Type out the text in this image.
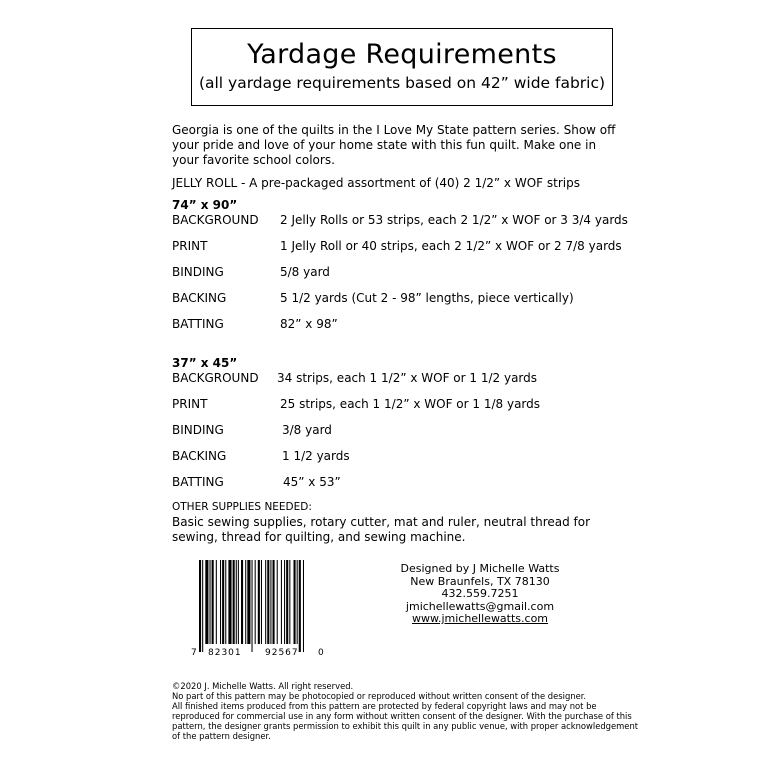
Yardage Requirements
(all yardage requirements based on 42” wide fabric)
Georgia is one of the quilts in the I Love My State pattern series. Show off your pride and love of your home state with this fun quilt. Make one in your favorite school colors.
JELLY ROLL - A pre-packaged assortment of (40) 2 1/2” x WOF strips
74” x 90”
BACKGROUND 2 Jelly Rolls or 53 strips, each 2 1/2” x WOF or 3 3/4 yards
PRINT	1 Jelly Roll or 40 strips, each 2 1/2” x WOF or 2 7/8 yards
BINDING	5/8 yard
BACKING	5 1/2 yards (Cut 2 - 98” lengths, piece vertically)
BATTING	82” x 98”
37” x 45”
BACKGROUND 34 strips, each 1 1/2” x WOF or 1 1/2 yards
PRINT	25 strips, each 1 1/2” x WOF or 1 1/8 yards
BINDING	3/8 yard
BACKING	1 1/2 yards
BATTING	45” x 53”
OTHER SUPPLIES NEEDED:
Basic sewing supplies, rotary cutter, mat and ruler, neutral thread for sewing, thread for quilting, and sewing machine.
7 82301	92567 0
Designed by J Michelle Watts
New Braunfels, TX 78130
432.559.7251
jmichellewatts@gmail.com
www.jmichellewatts.com
©2020 J. Michelle Watts. All right reserved.
No part of this pattern may be photocopied or reproduced without written consent of the designer.
All finished items produced from this pattern are protected by federal copyright laws and may not be reproduced for commercial use in any form without written consent of the designer. With the purchase of this pattern, the designer grants permission to exhibit this quilt in any public venue, with proper acknowledgement of the pattern designer.
